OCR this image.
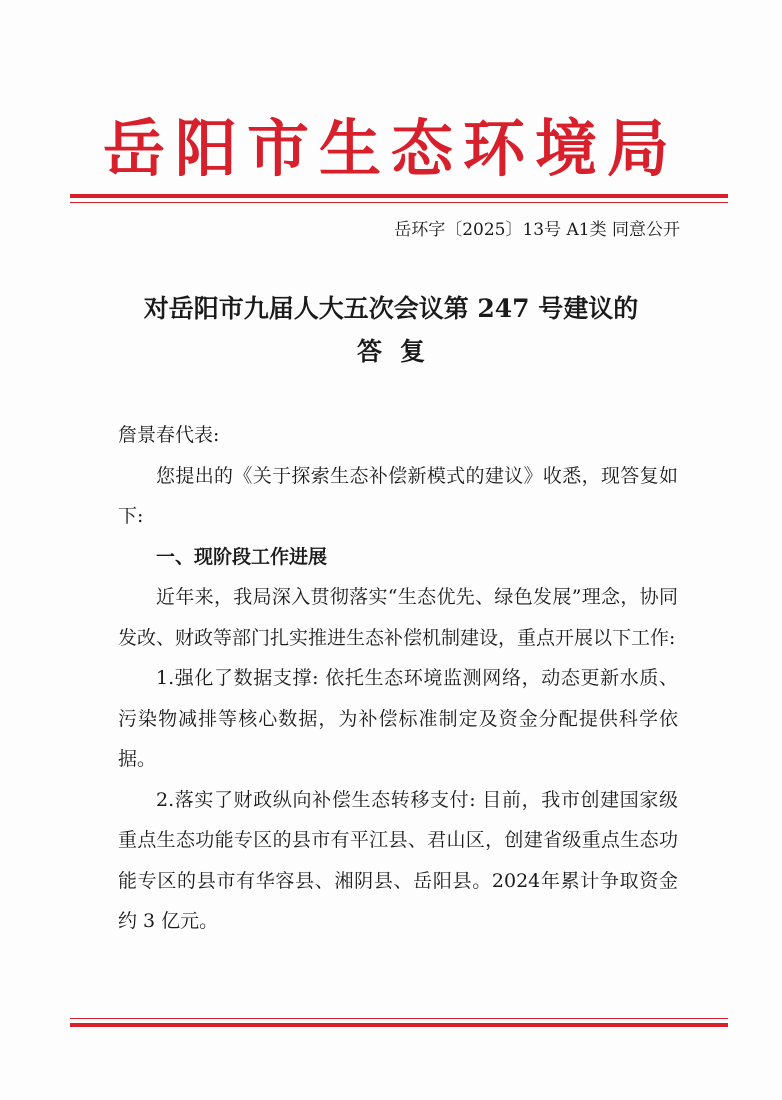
岳阳市生态环境局
岳环字〔2025〕13号 A1类 同意公开
对岳阳市九届人大五次会议第 247 号建议的
答复

詹景春代表:

您提出的《关于探索生态补偿新模式的建议》收悉，现答复如下:

一、现阶段工作进展

近年来，我局深入贯彻落实“生态优先、绿色发展”理念，协同发改、财政等部门扎实推进生态补偿机制建设，重点开展以下工作:

1.强化了数据支撑: 依托生态环境监测网络，动态更新水质、污染物减排等核心数据，为补偿标准制定及资金分配提供科学依据。

2.落实了财政纵向补偿生态转移支付: 目前，我市创建国家级重点生态功能专区的县市有平江县、君山区，创建省级重点生态功能专区的县市有华容县、湘阴县、岳阳县。2024年累计争取资金约 3 亿元。
